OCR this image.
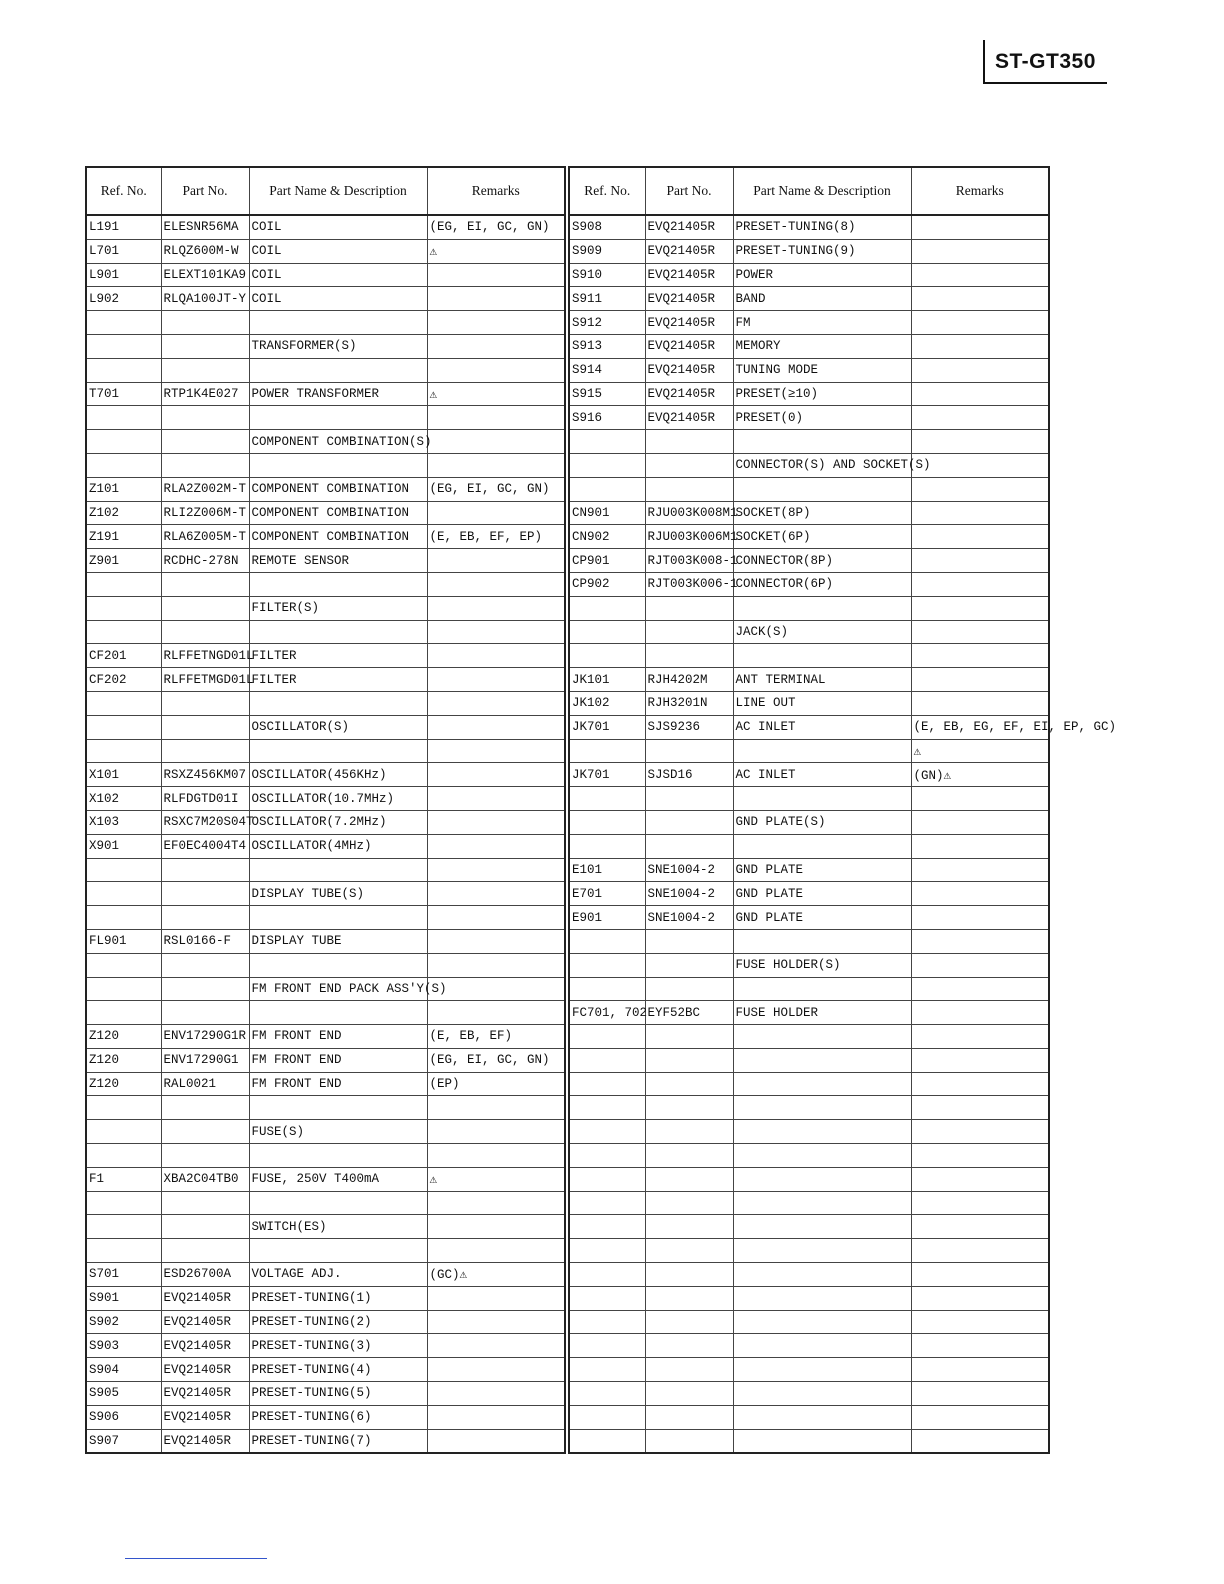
ST-GT350
Ref. No.	Part No.	Part Name & Description	Remarks
L191	ELESNR56MA	COIL	(EG, EI, GC, GN)
L701	RLQZ600M-W	COIL	⚠
L901	ELEXT101KA9	COIL	
L902	RLQA100JT-Y	COIL	

		TRANSFORMER(S)	

T701	RTP1K4E027	POWER TRANSFORMER	⚠

		COMPONENT COMBINATION(S)	

Z101	RLA2Z002M-T	COMPONENT COMBINATION	(EG, EI, GC, GN)
Z102	RLI2Z006M-T	COMPONENT COMBINATION	
Z191	RLA6Z005M-T	COMPONENT COMBINATION	(E, EB, EF, EP)
Z901	RCDHC-278N	REMOTE SENSOR	

		FILTER(S)	

CF201	RLFFETNGD01L	FILTER	
CF202	RLFFETMGD01L	FILTER	

		OSCILLATOR(S)	

X101	RSXZ456KM07	OSCILLATOR(456KHz)	
X102	RLFDGTD01I	OSCILLATOR(10.7MHz)	
X103	RSXC7M20S04T	OSCILLATOR(7.2MHz)	
X901	EF0EC4004T4	OSCILLATOR(4MHz)	

		DISPLAY TUBE(S)	

FL901	RSL0166-F	DISPLAY TUBE	

		FM FRONT END PACK ASS'Y(S)	

Z120	ENV17290G1R	FM FRONT END	(E, EB, EF)
Z120	ENV17290G1	FM FRONT END	(EG, EI, GC, GN)
Z120	RAL0021	FM FRONT END	(EP)

		FUSE(S)	

F1	XBA2C04TB0	FUSE, 250V T400mA	⚠

		SWITCH(ES)	

S701	ESD26700A	VOLTAGE ADJ.	(GC)⚠
S901	EVQ21405R	PRESET-TUNING(1)	
S902	EVQ21405R	PRESET-TUNING(2)	
S903	EVQ21405R	PRESET-TUNING(3)	
S904	EVQ21405R	PRESET-TUNING(4)	
S905	EVQ21405R	PRESET-TUNING(5)	
S906	EVQ21405R	PRESET-TUNING(6)	
S907	EVQ21405R	PRESET-TUNING(7)	
Ref. No.	Part No.	Part Name & Description	Remarks
S908	EVQ21405R	PRESET-TUNING(8)	
S909	EVQ21405R	PRESET-TUNING(9)	
S910	EVQ21405R	POWER	
S911	EVQ21405R	BAND	
S912	EVQ21405R	FM	
S913	EVQ21405R	MEMORY	
S914	EVQ21405R	TUNING MODE	
S915	EVQ21405R	PRESET(≥10)	
S916	EVQ21405R	PRESET(0)	

		CONNECTOR(S) AND SOCKET(S)	

CN901	RJU003K008M1	SOCKET(8P)	
CN902	RJU003K006M1	SOCKET(6P)	
CP901	RJT003K008-1	CONNECTOR(8P)	
CP902	RJT003K006-1	CONNECTOR(6P)	

		JACK(S)	

JK101	RJH4202M	ANT TERMINAL	
JK102	RJH3201N	LINE OUT	
JK701	SJS9236	AC INLET	(E, EB, EG, EF, EI, EP, GC)
			⚠
JK701	SJSD16	AC INLET	(GN)⚠

		GND PLATE(S)	

E101	SNE1004-2	GND PLATE	
E701	SNE1004-2	GND PLATE	
E901	SNE1004-2	GND PLATE	

		FUSE HOLDER(S)	

FC701, 702	EYF52BC	FUSE HOLDER	
